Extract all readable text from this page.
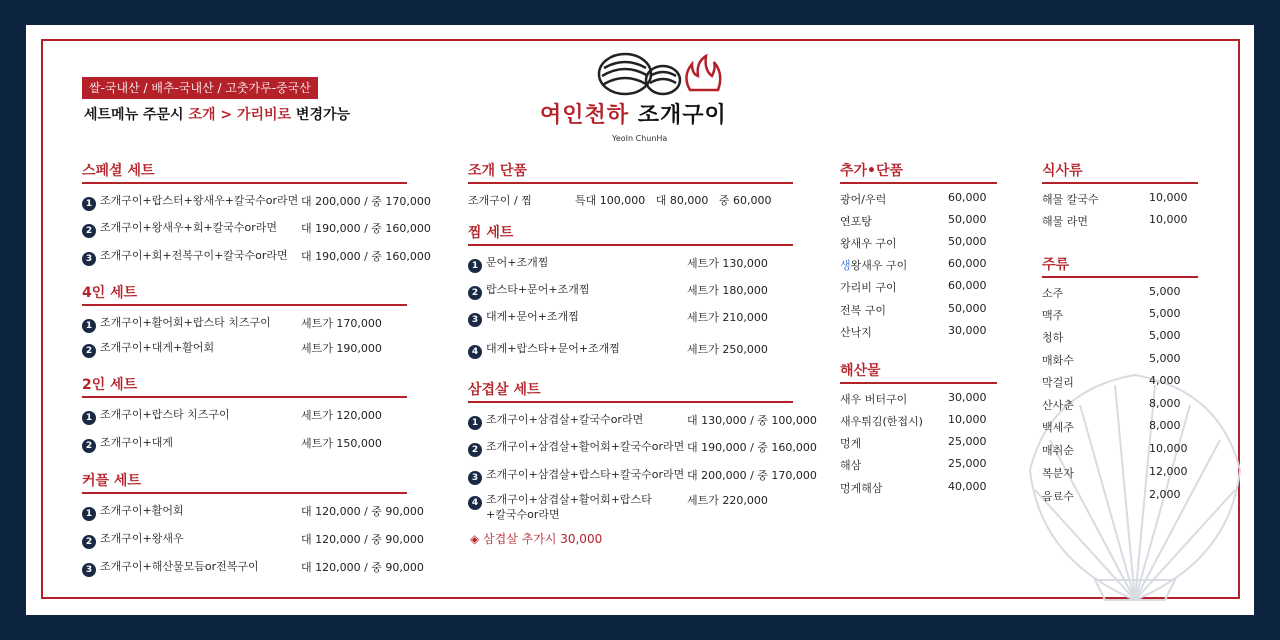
쌀-국내산 / 배추-국내산 / 고춧가루-중국산
세트메뉴 주문시 조개 > 가리비로 변경가능	여인천하 조개구이
YeoIn ChunHa
스페셜 세트
1 조개구이+랍스터+왕새우+칼국수or라면 대 200,000 / 중 170,000
2 조개구이+왕새우+회+칼국수or라면 대 190,000 / 중 160,000
3 조개구이+회+전복구이+칼국수or라면 대 190,000 / 중 160,000
4인 세트
1 조개구이+활어회+랍스타 치즈구이	세트가 170,000
2 조개구이+대게+활어회	세트가 190,000
2인 세트
1 조개구이+랍스타 치즈구이	세트가 120,000
2 조개구이+대게	세트가 150,000
커플 세트
1 조개구이+활어회	대 120,000 / 중 90,000
2 조개구이+왕새우	대 120,000 / 중 90,000
3 조개구이+해산물모듬or전복구이	대 120,000 / 중 90,000
조개 단품
조개구이 / 찜	특대 100,000   대 80,000   중 60,000
찜 세트
1 문어+조개찜	세트가 130,000
2 랍스타+문어+조개찜	세트가 180,000
3 대게+문어+조개찜	세트가 210,000
4 대게+랍스타+문어+조개찜	세트가 250,000
삼겹살 세트
1 조개구이+삼겹살+칼국수or라면	대 130,000 / 중 100,000
2 조개구이+삼겹살+활어회+칼국수or라면 대 190,000 / 중 160,000
3 조개구이+삼겹살+랍스타+칼국수or라면 대 200,000 / 중 170,000
4 조개구이+삼겹살+활어회+랍스타
+칼국수or라면
세트가 220,000
◈ 삼겹살 추가시 30,000
추가•단품
광어/우럭	60,000
연포탕	50,000
왕새우 구이	50,000
생왕새우 구이	60,000
가리비 구이	60,000
전복 구이	50,000
산낙지	30,000
해산물
새우 버터구이	30,000
새우튀김(한접시) 10,000
멍게	25,000
해삼	25,000
멍게해삼	40,000
식사류
해물 칼국수	10,000
해물 라면	10,000
주류
소주	5,000
맥주	5,000
청하	5,000
매화수	5,000
막걸리	4,000
산사춘	8,000
백세주	8,000
매취순	10,000
복분자	12,000
음료수	2,000
